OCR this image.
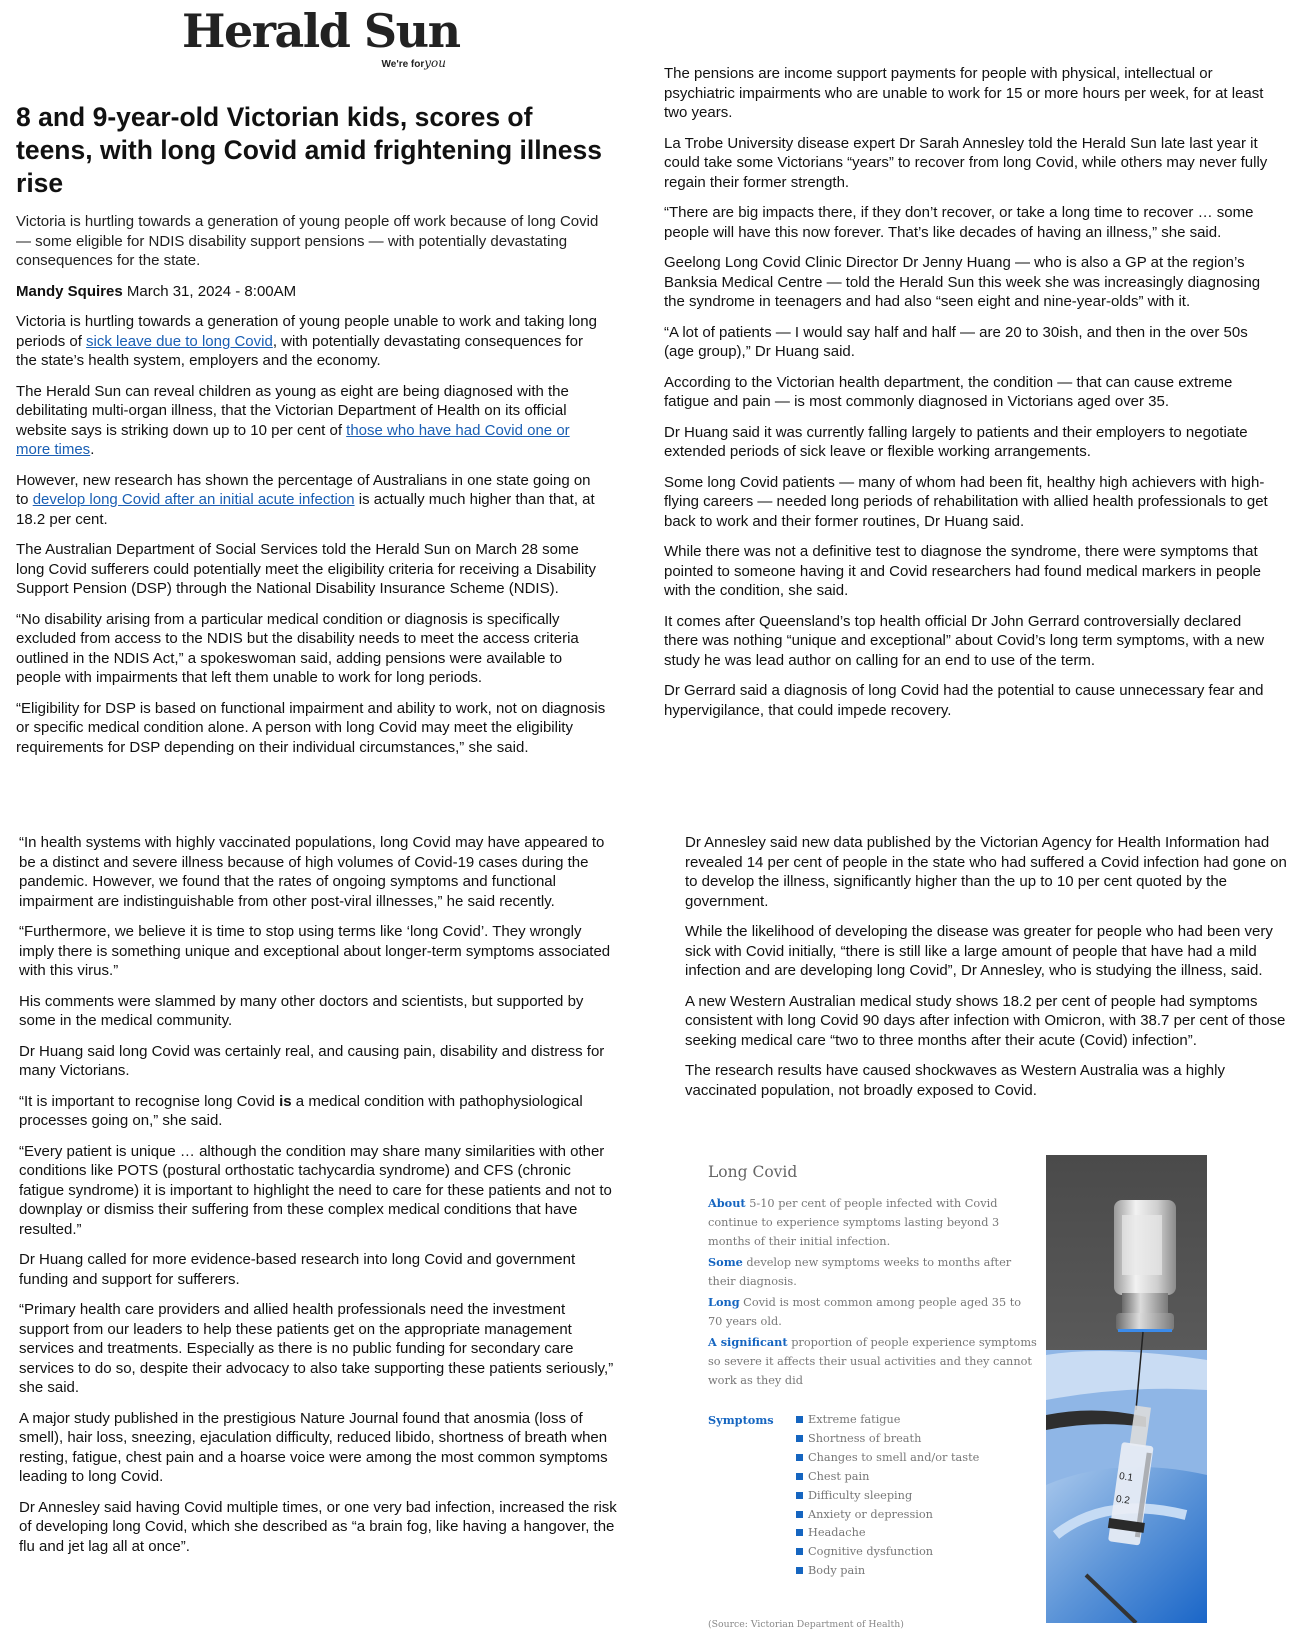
Herald Sun
We're foryou
8 and 9-year-old Victorian kids, scores of teens, with long Covid amid frightening illness rise

Victoria is hurtling towards a generation of young people off work because of long Covid — some eligible for NDIS disability support pensions — with potentially devastating consequences for the state.

Mandy Squires March 31, 2024 - 8:00AM

Victoria is hurtling towards a generation of young people unable to work and taking long periods of sick leave due to long Covid, with potentially devastating consequences for the state’s health system, employers and the economy.

The Herald Sun can reveal children as young as eight are being diagnosed with the debilitating multi-organ illness, that the Victorian Department of Health on its official website says is striking down up to 10 per cent of those who have had Covid one or more times.

However, new research has shown the percentage of Australians in one state going on to develop long Covid after an initial acute infection is actually much higher than that, at 18.2 per cent.

The Australian Department of Social Services told the Herald Sun on March 28 some long Covid sufferers could potentially meet the eligibility criteria for receiving a Disability Support Pension (DSP) through the National Disability Insurance Scheme (NDIS).

“No disability arising from a particular medical condition or diagnosis is specifically excluded from access to the NDIS but the disability needs to meet the access criteria outlined in the NDIS Act,” a spokeswoman said, adding pensions were available to people with impairments that left them unable to work for long periods.

“Eligibility for DSP is based on functional impairment and ability to work, not on diagnosis or specific medical condition alone. A person with long Covid may meet the eligibility requirements for DSP depending on their individual circumstances,” she said.

The pensions are income support payments for people with physical, intellectual or psychiatric impairments who are unable to work for 15 or more hours per week, for at least two years.

La Trobe University disease expert Dr Sarah Annesley told the Herald Sun late last year it could take some Victorians “years” to recover from long Covid, while others may never fully regain their former strength.

“There are big impacts there, if they don’t recover, or take a long time to recover … some people will have this now forever. That’s like decades of having an illness,” she said.

Geelong Long Covid Clinic Director Dr Jenny Huang — who is also a GP at the region’s Banksia Medical Centre — told the Herald Sun this week she was increasingly diagnosing the syndrome in teenagers and had also “seen eight and nine-year-olds” with it.

“A lot of patients — I would say half and half — are 20 to 30ish, and then in the over 50s (age group),” Dr Huang said.

According to the Victorian health department, the condition — that can cause extreme fatigue and pain — is most commonly diagnosed in Victorians aged over 35.

Dr Huang said it was currently falling largely to patients and their employers to negotiate extended periods of sick leave or flexible working arrangements.

Some long Covid patients — many of whom had been fit, healthy high achievers with high-flying careers — needed long periods of rehabilitation with allied health professionals to get back to work and their former routines, Dr Huang said.

While there was not a definitive test to diagnose the syndrome, there were symptoms that pointed to someone having it and Covid researchers had found medical markers in people with the condition, she said.

It comes after Queensland’s top health official Dr John Gerrard controversially declared there was nothing “unique and exceptional” about Covid’s long term symptoms, with a new study he was lead author on calling for an end to use of the term.

Dr Gerrard said a diagnosis of long Covid had the potential to cause unnecessary fear and hypervigilance, that could impede recovery.

“In health systems with highly vaccinated populations, long Covid may have appeared to be a distinct and severe illness because of high volumes of Covid-19 cases during the pandemic. However, we found that the rates of ongoing symptoms and functional impairment are indistinguishable from other post-viral illnesses,” he said recently.

“Furthermore, we believe it is time to stop using terms like ‘long Covid’. They wrongly imply there is something unique and exceptional about longer-term symptoms associated with this virus.”

His comments were slammed by many other doctors and scientists, but supported by some in the medical community.

Dr Huang said long Covid was certainly real, and causing pain, disability and distress for many Victorians.

“It is important to recognise long Covid is a medical condition with pathophysiological processes going on,” she said.

“Every patient is unique … although the condition may share many similarities with other conditions like POTS (postural orthostatic tachycardia syndrome) and CFS (chronic fatigue syndrome) it is important to highlight the need to care for these patients and not to downplay or dismiss their suffering from these complex medical conditions that have resulted.”

Dr Huang called for more evidence-based research into long Covid and government funding and support for sufferers.

“Primary health care providers and allied health professionals need the investment support from our leaders to help these patients get on the appropriate management services and treatments. Especially as there is no public funding for secondary care services to do so, despite their advocacy to also take supporting these patients seriously,” she said.

A major study published in the prestigious Nature Journal found that anosmia (loss of smell), hair loss, sneezing, ejaculation difficulty, reduced libido, shortness of breath when resting, fatigue, chest pain and a hoarse voice were among the most common symptoms leading to long Covid.

Dr Annesley said having Covid multiple times, or one very bad infection, increased the risk of developing long Covid, which she described as “a brain fog, like having a hangover, the flu and jet lag all at once”.

Dr Annesley said new data published by the Victorian Agency for Health Information had revealed 14 per cent of people in the state who had suffered a Covid infection had gone on to develop the illness, significantly higher than the up to 10 per cent quoted by the government.

While the likelihood of developing the disease was greater for people who had been very sick with Covid initially, “there is still like a large amount of people that have had a mild infection and are developing long Covid”, Dr Annesley, who is studying the illness, said.

A new Western Australian medical study shows 18.2 per cent of people had symptoms consistent with long Covid 90 days after infection with Omicron, with 38.7 per cent of those seeking medical care “two to three months after their acute (Covid) infection”.

The research results have caused shockwaves as Western Australia was a highly vaccinated population, not broadly exposed to Covid.

Long Covid

About 5-10 per cent of people infected with Covid continue to experience symptoms lasting beyond 3 months of their initial infection.

Some develop new symptoms weeks to months after their diagnosis.

Long Covid is most common among people aged 35 to 70 years old.

A significant proportion of people experience symptoms so severe it affects their usual activities and they cannot work as they did

Symptoms	Extreme fatigue
Shortness of breath
Changes to smell and/or taste
Chest pain
Difficulty sleeping
Anxiety or depression
Headache
Cognitive dysfunction
Body pain
(Source: Victorian Department of Health)
0.1
0.2
